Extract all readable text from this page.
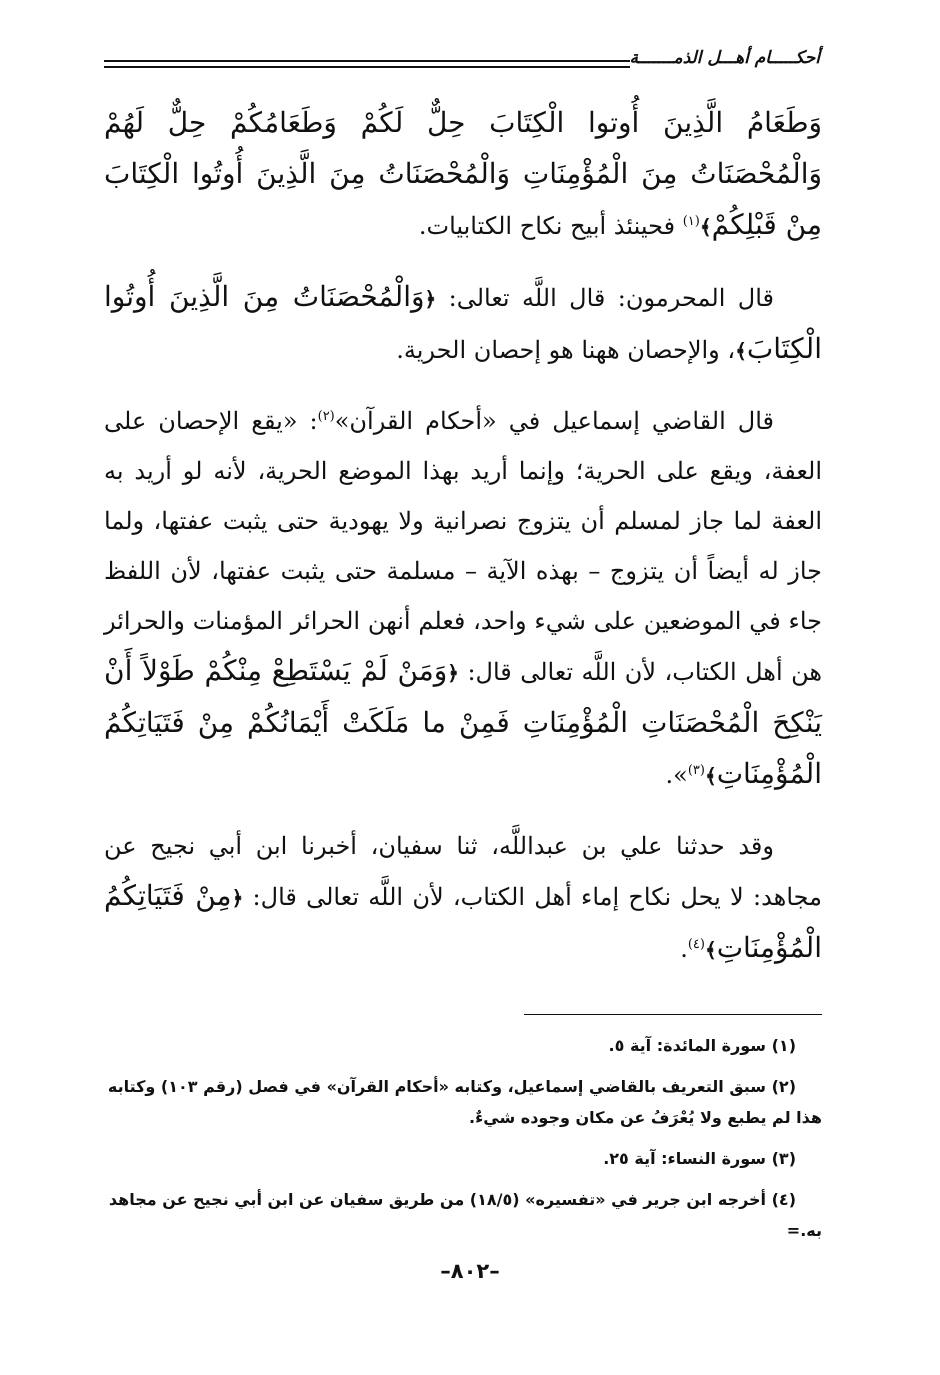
أحكـــــام أهـــل الذمـــــــة

وَطَعَامُ الَّذِينَ أُوتوا الْكِتَابَ حِلٌّ لَكُمْ وَطَعَامُكُمْ حِلٌّ لَهُمْ وَالْمُحْصَنَاتُ مِنَ الْمُؤْمِنَاتِ وَالْمُحْصَنَاتُ مِنَ الَّذِينَ أُوتُوا الْكِتَابَ مِنْ قَبْلِكُمْ﴾$^{(١)}$ فحينئذ أبيح نكاح الكتابيات.

قال المحرمون: قال اللَّه تعالى: ﴿وَالْمُحْصَنَاتُ مِنَ الَّذِينَ أُوتُوا الْكِتَابَ﴾، والإحصان ههنا هو إحصان الحرية.

قال القاضي إسماعيل في «أحكام القرآن»$^{(٢)}$: «يقع الإحصان على العفة، ويقع على الحرية؛ وإنما أريد بهذا الموضع الحرية، لأنه لو أريد به العفة لما جاز لمسلم أن يتزوج نصرانية ولا يهودية حتى يثبت عفتها، ولما جاز له أيضاً أن يتزوج – بهذه الآية – مسلمة حتى يثبت عفتها، لأن اللفظ جاء في الموضعين على شيء واحد، فعلم أنهن الحرائر المؤمنات والحرائر هن أهل الكتاب، لأن اللَّه تعالى قال: ﴿وَمَنْ لَمْ يَسْتَطِعْ مِنْكُمْ طَوْلاً أَنْ يَنْكِحَ الْمُحْصَنَاتِ الْمُؤْمِنَاتِ فَمِنْ ما مَلَكَتْ أَيْمَانُكُمْ مِنْ فَتَيَاتِكُمُ الْمُؤْمِنَاتِ﴾$^{(٣)}$».

وقد حدثنا علي بن عبداللَّه، ثنا سفيان، أخبرنا ابن أبي نجيح عن مجاهد: لا يحل نكاح إماء أهل الكتاب، لأن اللَّه تعالى قال: ﴿مِنْ فَتَيَاتِكُمُ الْمُؤْمِنَاتِ﴾$^{(٤)}$.

(١) سورة المائدة: آية ٥.
(٢) سبق التعريف بالقاضي إسماعيل، وكتابه «أحكام القرآن» في فصل (رقم ١٠٣) وكتابه هذا لم يطبع ولا يُعْرَفُ عن مكان وجوده شيءٌ.
(٣) سورة النساء: آية ٢٥.
(٤) أخرجه ابن جرير في «تفسيره» (١٨/٥) من طريق سفيان عن ابن أبي نجيح عن مجاهد به.=
–٨٠٢–
